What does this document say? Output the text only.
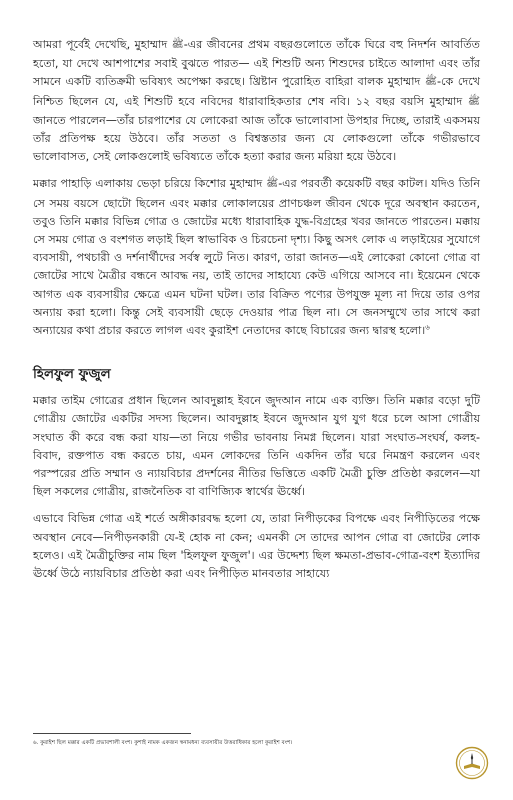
আমরা পূর্বেই দেখেছি, মুহাম্মাদ ﷺ-এর জীবনের প্রথম বছরগুলোতে তাঁকে ঘিরে বহু নিদর্শন আবর্তিত হতো, যা দেখে আশপাশের সবাই বুঝতে পারত— এই শিশুটি অন্য শিশুদের চাইতে আলাদা এবং তাঁর সামনে একটি ব্যতিক্রমী ভবিষ্যৎ অপেক্ষা করছে। খ্রিষ্টান পুরোহিত বাহিরা বালক মুহাম্মাদ ﷺ-কে দেখে নিশ্চিত ছিলেন যে, এই শিশুটি হবে নবিদের ধারাবাহিকতার শেষ নবি। ১২ বছর বয়সি মুহাম্মাদ ﷺ জানতে পারলেন—তাঁর চারপাশের যে লোকেরা আজ তাঁকে ভালোবাসা উপহার দিচ্ছে, তারাই একসময় তাঁর প্রতিপক্ষ হয়ে উঠবে। তাঁর সততা ও বিশ্বস্ততার জন্য যে লোকগুলো তাঁকে গভীরভাবে ভালোবাসত, সেই লোকগুলোই ভবিষ্যতে তাঁকে হত্যা করার জন্য মরিয়া হয়ে উঠবে।

মক্কার পাহাড়ি এলাকায় ভেড়া চরিয়ে কিশোর মুহাম্মাদ ﷺ-এর পরবর্তী কয়েকটি বছর কাটল। যদিও তিনি সে সময় বয়সে ছোটো ছিলেন এবং মক্কার লোকালয়ের প্রাণচঞ্চল জীবন থেকে দূরে অবস্থান করতেন, তবুও তিনি মক্কার বিভিন্ন গোত্র ও জোটের মধ্যে ধারাবাহিক যুদ্ধ-বিগ্রহের খবর জানতে পারতেন। মক্কায় সে সময় গোত্র ও বংশগত লড়াই ছিল স্বাভাবিক ও চিরচেনা দৃশ্য। কিছু অসৎ লোক এ লড়াইয়ের সুযোগে ব্যবসায়ী, পথচারী ও দর্শনার্থীদের সর্বস্ব লুটে নিত। কারণ, তারা জানত—এই লোকেরা কোনো গোত্র বা জোটের সাথে মৈত্রীর বন্ধনে আবদ্ধ নয়, তাই তাদের সাহায্যে কেউ এগিয়ে আসবে না। ইয়েমেন থেকে আগত এক ব্যবসায়ীর ক্ষেত্রে এমন ঘটনা ঘটল। তার বিক্রিত পণ্যের উপযুক্ত মূল্য না দিয়ে তার ওপর অন্যায় করা হলো। কিন্তু সেই ব্যবসায়ী ছেড়ে দেওয়ার পাত্র ছিল না। সে জনসম্মুখে তার সাথে করা অন্যায়ের কথা প্রচার করতে লাগল এবং কুরাইশ নেতাদের কাছে বিচারের জন্য দ্বারস্থ হলো।$^৬$

হিলফুল ফুজুল

মক্কার তাইম গোত্রের প্রধান ছিলেন আবদুল্লাহ ইবনে জুদআন নামে এক ব্যক্তি। তিনি মক্কার বড়ো দুটি গোত্রীয় জোটের একটির সদস্য ছিলেন। আবদুল্লাহ ইবনে জুদআন যুগ যুগ ধরে চলে আসা গোত্রীয় সংঘাত কী করে বন্ধ করা যায়—তা নিয়ে গভীর ভাবনায় নিমগ্ন ছিলেন। যারা সংঘাত-সংঘর্ষ, কলহ-বিবাদ, রক্তপাত বন্ধ করতে চায়, এমন লোকদের তিনি একদিন তাঁর ঘরে নিমন্ত্রণ করলেন এবং পরস্পরের প্রতি সম্মান ও ন্যায়বিচার প্রদর্শনের নীতির ভিত্তিতে একটি মৈত্রী চুক্তি প্রতিষ্ঠা করলেন—যা ছিল সকলের গোত্রীয়, রাজনৈতিক বা বাণিজ্যিক স্বার্থের ঊর্ধ্বে।

এভাবে বিভিন্ন গোত্র এই শর্তে অঙ্গীকারবদ্ধ হলো যে, তারা নিপীড়কের বিপক্ষে এবং নিপীড়িতের পক্ষে অবস্থান নেবে—নিপীড়নকারী যে-ই হোক না কেন; এমনকী সে তাদের আপন গোত্র বা জোটের লোক হলেও। এই মৈত্রীচুক্তির নাম ছিল 'হিলফুল ফুজুল'। এর উদ্দেশ্য ছিল ক্ষমতা-প্রভাব-গোত্র-বংশ ইত্যাদির ঊর্ধ্বে উঠে ন্যায়বিচার প্রতিষ্ঠা করা এবং নিপীড়িত মানবতার সাহায্যে

৬. কুরাইশ ছিল মক্কার একটি প্রভাবশালী বংশ। কুশাই নামক একজন স্বনামধন্য ব্যবসায়ীর উত্তরাধিকার হলো কুরাইশ বংশ।
